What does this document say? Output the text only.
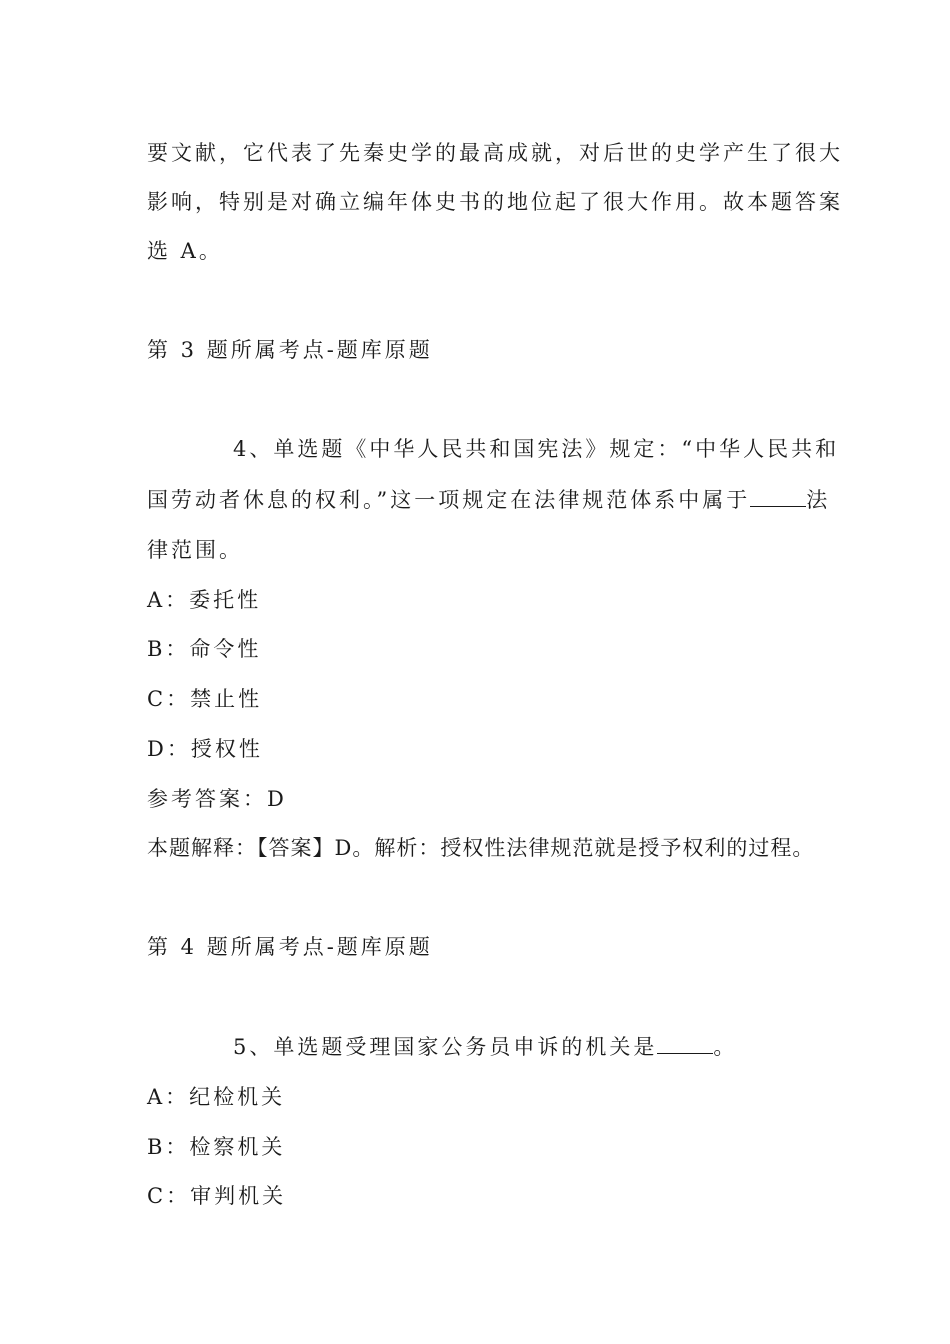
要文献，它代表了先秦史学的最高成就，对后世的史学产生了很大
影响，特别是对确立编年体史书的地位起了很大作用。故本题答案
选 A。
第 3 题所属考点-题库原题
4、单选题《中华人民共和国宪法》规定：“中华人民共和
国劳动者休息的权利。”这一项规定在法律规范体系中属于	法
律范围。
A：委托性
B：命令性
C：禁止性
D：授权性
参考答案：D
本题解释：【答案】D。解析：授权性法律规范就是授予权利的过程。
第 4 题所属考点-题库原题
5、单选题受理国家公务员申诉的机关是	。
A：纪检机关
B：检察机关
C：审判机关
